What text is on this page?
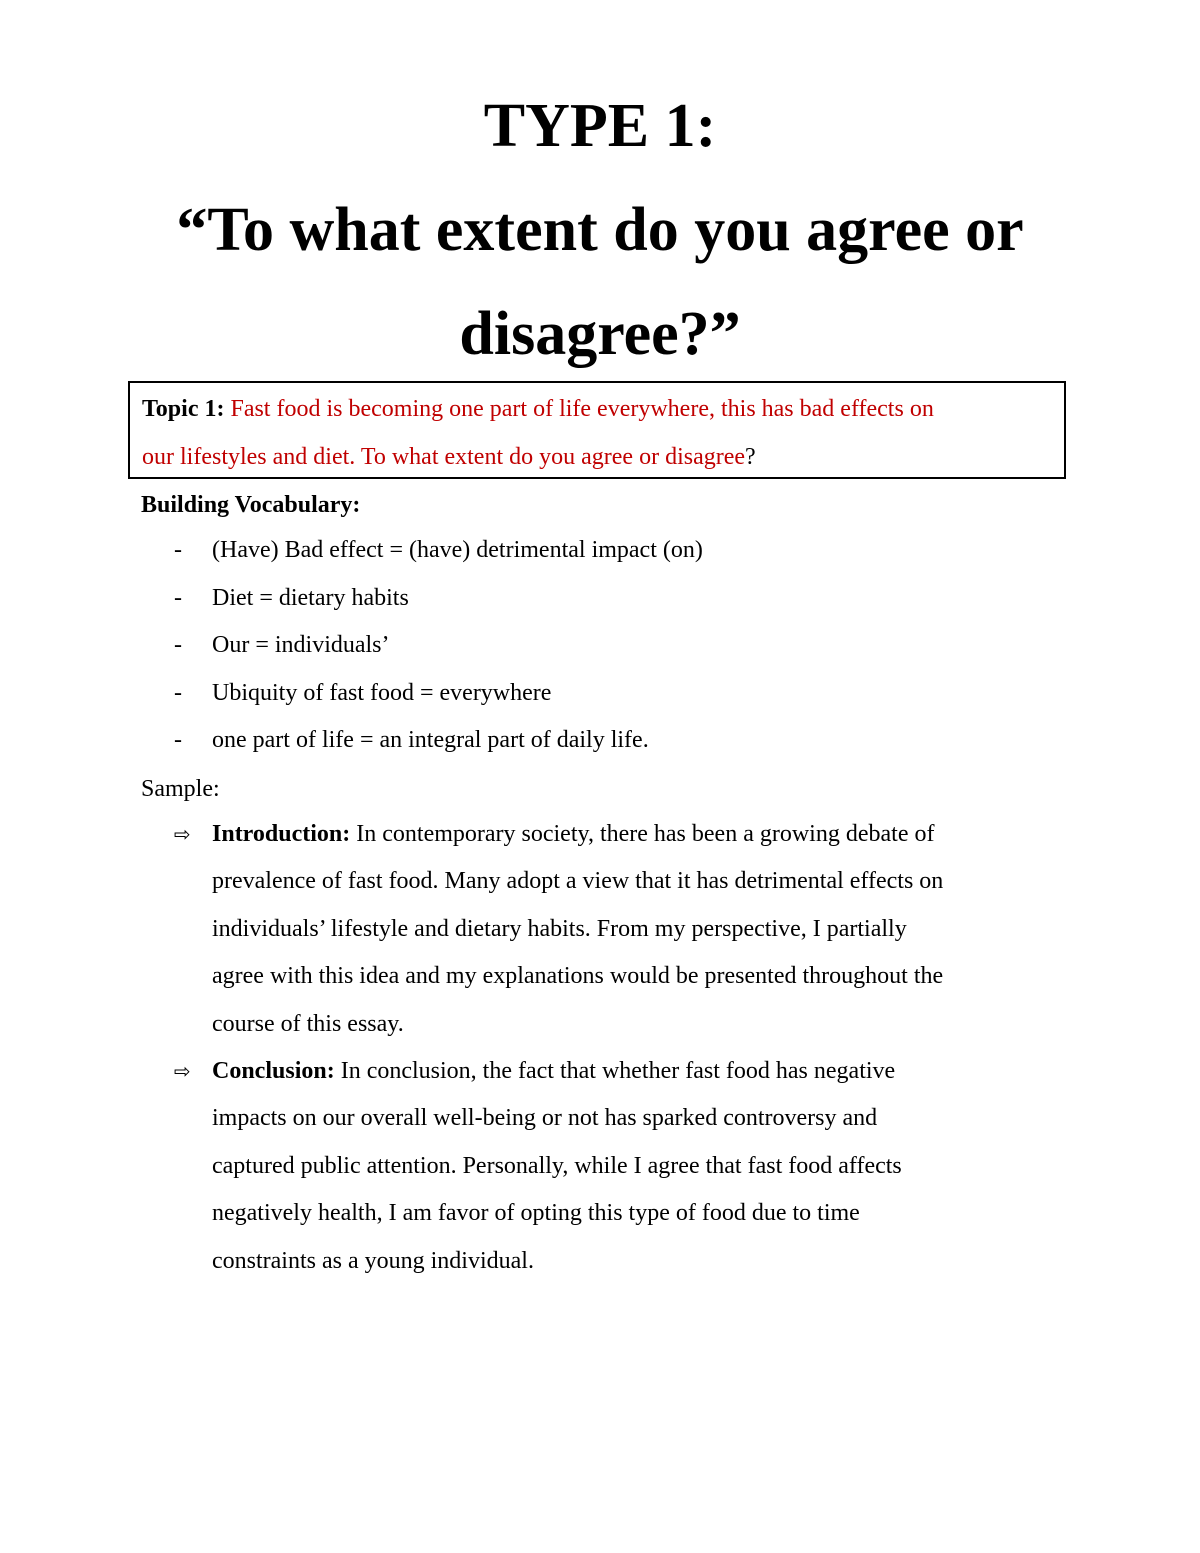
TYPE 1:
“To what extent do you agree or
disagree?”
Topic 1: Fast food is becoming one part of life everywhere, this has bad effects on
our lifestyles and diet. To what extent do you agree or disagree?
Building Vocabulary:
- (Have) Bad effect = (have) detrimental impact (on)
- Diet = dietary habits
- Our = individuals’
- Ubiquity of fast food = everywhere
- one part of life = an integral part of daily life.
Sample:
⇨ Introduction: In contemporary society, there has been a growing debate of
prevalence of fast food. Many adopt a view that it has detrimental effects on
individuals’ lifestyle and dietary habits. From my perspective, I partially
agree with this idea and my explanations would be presented throughout the
course of this essay.
⇨ Conclusion: In conclusion, the fact that whether fast food has negative
impacts on our overall well-being or not has sparked controversy and
captured public attention. Personally, while I agree that fast food affects
negatively health, I am favor of opting this type of food due to time
constraints as a young individual.
